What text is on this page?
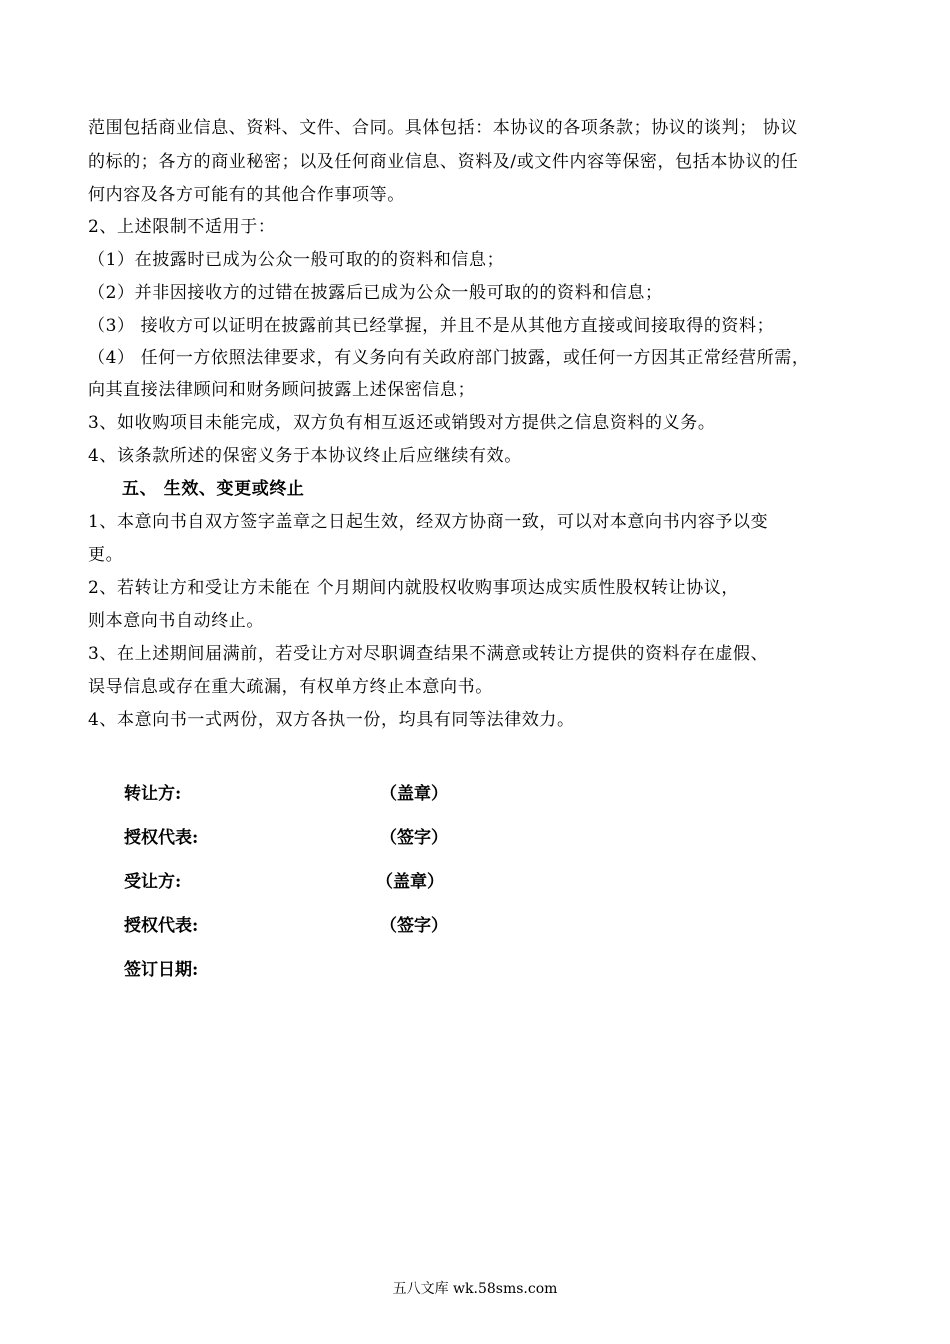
范围包括商业信息、资料、文件、合同。具体包括：本协议的各项条款；协议的谈判； 协议
的标的；各方的商业秘密；以及任何商业信息、资料及/或文件内容等保密，包括本协议的任
何内容及各方可能有的其他合作事项等。
2、上述限制不适用于：
（1）在披露时已成为公众一般可取的的资料和信息；
（2）并非因接收方的过错在披露后已成为公众一般可取的的资料和信息；
（3） 接收方可以证明在披露前其已经掌握，并且不是从其他方直接或间接取得的资料；
（4） 任何一方依照法律要求，有义务向有关政府部门披露，或任何一方因其正常经营所需，
向其直接法律顾问和财务顾问披露上述保密信息；
3、如收购项目未能完成，双方负有相互返还或销毁对方提供之信息资料的义务。
4、该条款所述的保密义务于本协议终止后应继续有效。
五、 生效、变更或终止
1、本意向书自双方签字盖章之日起生效，经双方协商一致，可以对本意向书内容予以变
更。
2、若转让方和受让方未能在 个月期间内就股权收购事项达成实质性股权转让协议，
则本意向书自动终止。
3、在上述期间届满前，若受让方对尽职调查结果不满意或转让方提供的资料存在虚假、
误导信息或存在重大疏漏，有权单方终止本意向书。
4、本意向书一式两份，双方各执一份，均具有同等法律效力。
转让方:	（盖章）
授权代表:	（签字）
受让方:	（盖章）
授权代表:	（签字）
签订日期:
五八文库 wk.58sms.com
